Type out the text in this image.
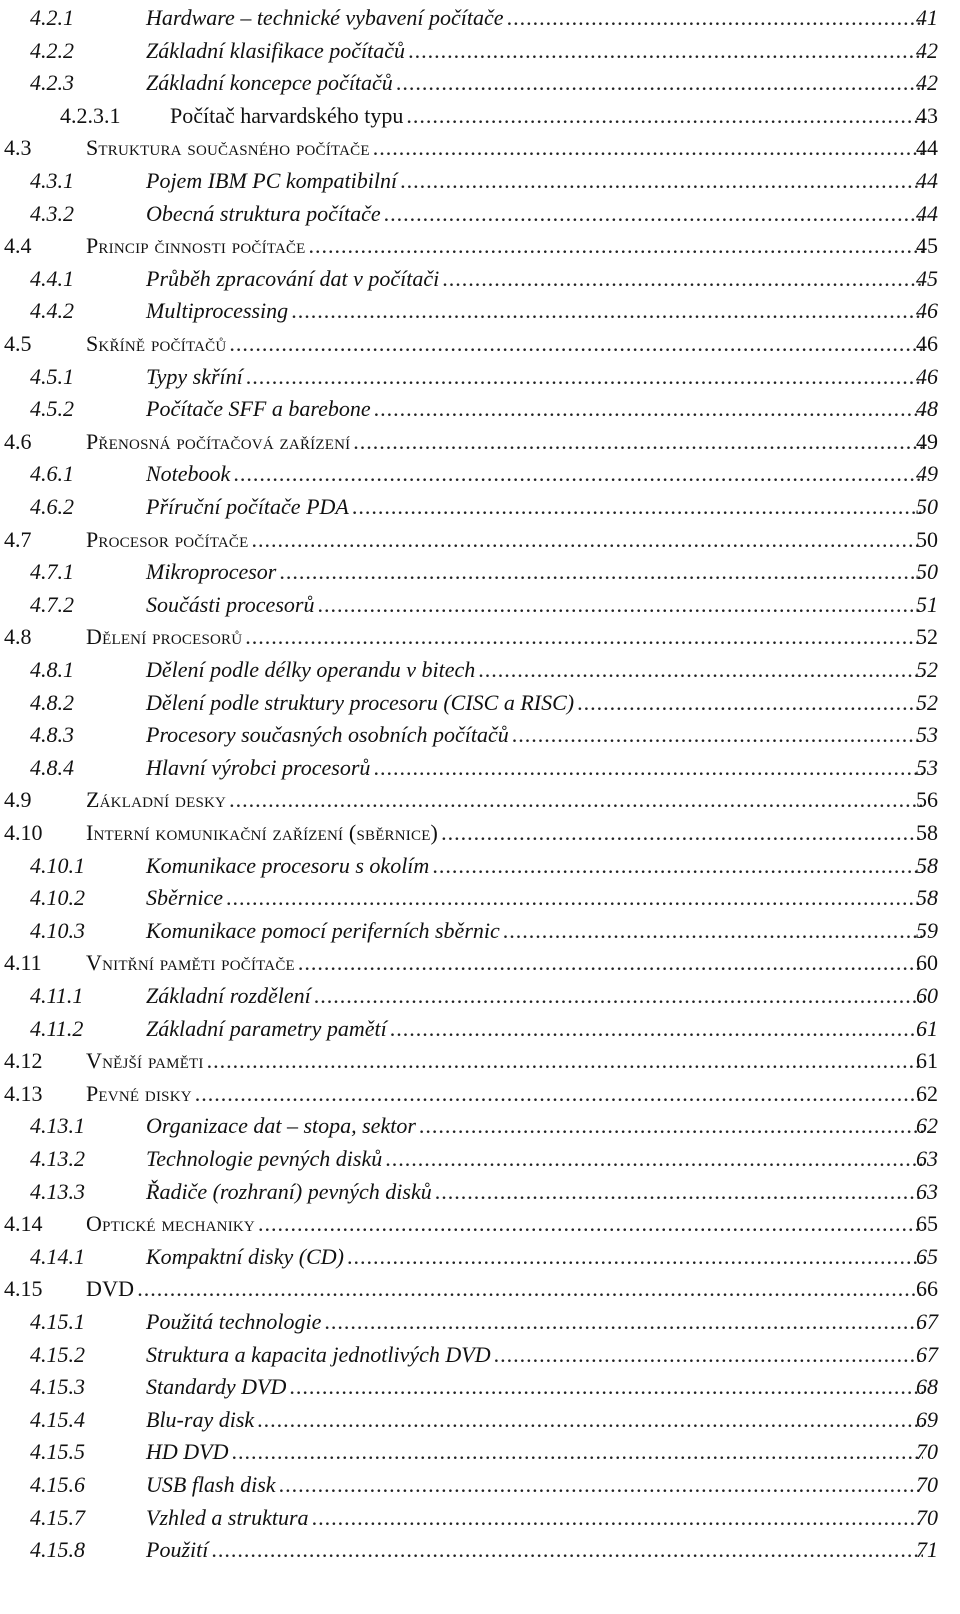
4.2.1	Hardware – technické vybavení počítače .....	41
4.2.2	Základní klasifikace počítačů .....	42
4.2.3	Základní koncepce počítačů .....	42
4.2.3.1 Počítač harvardského typu .....	43
4.3 Struktura současného počítače .....	44
4.3.1	Pojem IBM PC kompatibilní .....	44
4.3.2	Obecná struktura počítače .....	44
4.4 Princip činnosti počítače .....	45
4.4.1	Průběh zpracování dat v počítači .....	45
4.4.2	Multiprocessing .....	46
4.5 Skříně počítačů .....	46
4.5.1	Typy skříní .....	46
4.5.2	Počítače SFF a barebone .....	48
4.6 Přenosná počítačová zařízení .....	49
4.6.1	Notebook .....	49
4.6.2	Příruční počítače PDA .....	50
4.7 Procesor počítače .....	50
4.7.1	Mikroprocesor .....	50
4.7.2	Součásti procesorů .....	51
4.8 Dělení procesorů .....	52
4.8.1	Dělení podle délky operandu v bitech .....	52
4.8.2	Dělení podle struktury procesoru (CISC a RISC) .....	52
4.8.3	Procesory současných osobních počítačů .....	53
4.8.4	Hlavní výrobci procesorů .....	53
4.9 Základní desky .....	56
4.10 Interní komunikační zařízení (sběrnice) .....	58
4.10.1	Komunikace procesoru s okolím .....	58
4.10.2	Sběrnice .....	58
4.10.3	Komunikace pomocí periferních sběrnic .....	59
4.11 Vnitřní paměti počítače .....	60
4.11.1	Základní rozdělení .....	60
4.11.2	Základní parametry pamětí .....	61
4.12 Vnější paměti .....	61
4.13 Pevné disky .....	62
4.13.1	Organizace dat – stopa, sektor .....	62
4.13.2	Technologie pevných disků .....	63
4.13.3	Řadiče (rozhraní) pevných disků .....	63
4.14 Optické mechaniky .....	65
4.14.1	Kompaktní disky (CD) .....	65
4.15 DVD .....	66
4.15.1	Použitá technologie .....	67
4.15.2	Struktura a kapacita jednotlivých DVD .....	67
4.15.3	Standardy DVD .....	68
4.15.4	Blu-ray disk .....	69
4.15.5	HD DVD .....	70
4.15.6	USB flash disk .....	70
4.15.7	Vzhled a struktura .....	70
4.15.8	Použití .....	71
